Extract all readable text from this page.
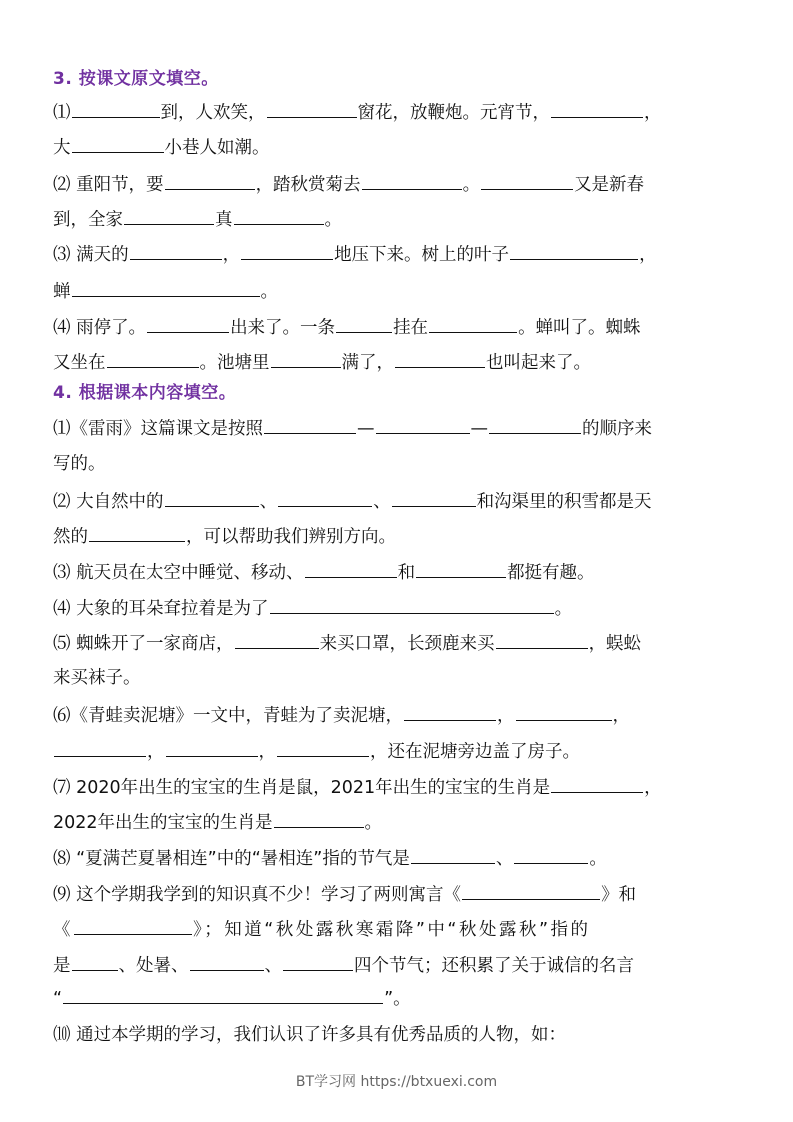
3. 按课文原文填空。
4. 根据课本内容填空。
⑴	到，人欢笑，	窗花，放鞭炮。元宵节，	，
大	小巷人如潮。
⑵ 重阳节，要	，踏秋赏菊去	。	又是新春
到，全家	真	。
⑶ 满天的	，	地压下来。树上的叶子	，
蝉	。
⑷ 雨停了。	出来了。一条	挂在	。蝉叫了。蜘蛛
又坐在	。池塘里	满了，	也叫起来了。
⑴《雷雨》这篇课文是按照	—	—	的顺序来
写的。
⑵ 大自然中的	、	、	和沟渠里的积雪都是天
然的	，可以帮助我们辨别方向。
⑶ 航天员在太空中睡觉、移动、	和	都挺有趣。
⑷ 大象的耳朵耷拉着是为了	。
⑸ 蜘蛛开了一家商店，	来买口罩，长颈鹿来买	，蜈蚣
来买袜子。
⑹《青蛙卖泥塘》一文中，青蛙为了卖泥塘，	，	，
，	，	，还在泥塘旁边盖了房子。
⑺ 2020年出生的宝宝的生肖是鼠，2021年出生的宝宝的生肖是	，
2022年出生的宝宝的生肖是	。
⑻ “夏满芒夏暑相连”中的“暑相连”指的节气是	、	。
⑼ 这个学期我学到的知识真不少！学习了两则寓言《	》和
《	》；知道“秋处露秋寒霜降”中“秋处露秋”指的
是	、处暑、	、	四个节气；还积累了关于诚信的名言
“	”。
⑽ 通过本学期的学习，我们认识了许多具有优秀品质的人物，如：
BT学习网 https://btxuexi.com
